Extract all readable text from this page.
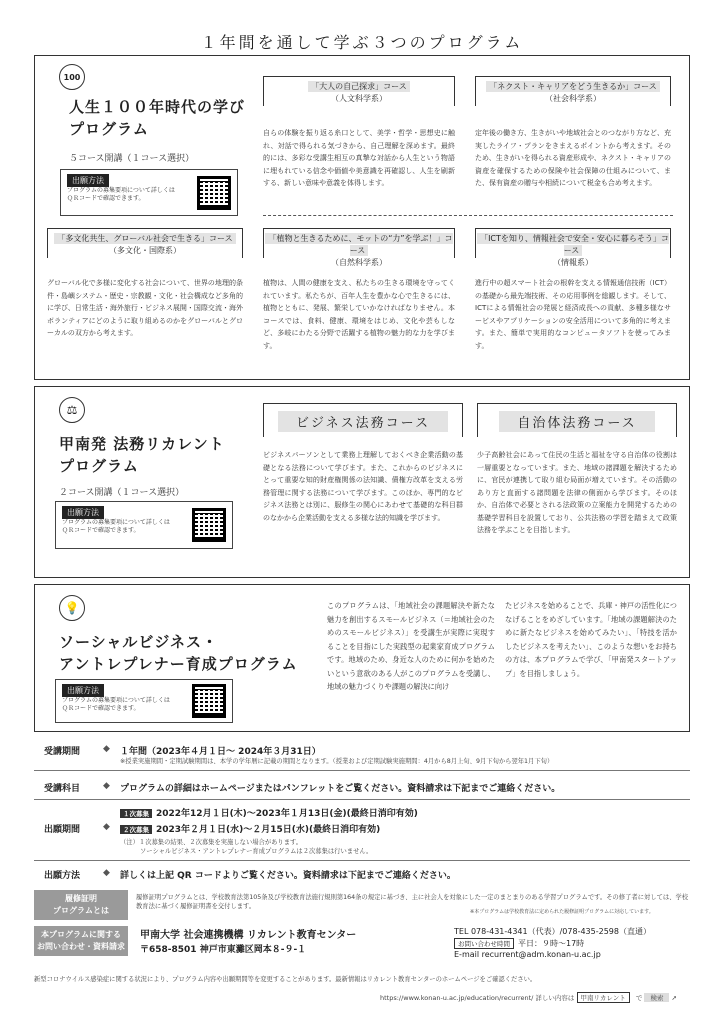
１年間を通して学ぶ３つのプログラム
100
人生１００年時代の学び
プログラム
５コース開講（１コース選択）
出願方法
プログラムの募集要項について詳しくはＱＲコードで確認できます。
「大人の自己探求」コース
（人文科学系）
自らの体験を振り返る糸口として、美学・哲学・思想史に触れ、対話で得られる気づきから、自己理解を深めます。最終的には、多彩な受講生相互の真摯な対話から人生という物語に埋もれている信念や価値や美意識を再確認し、人生を刷新する、新しい意味や意義を体得します。
「ネクスト・キャリアをどう生きるか」コース
（社会科学系）
定年後の働き方、生きがいや地域社会とのつながり方など、充実したライフ・プランをきまえるポイントから考えます。そのため、生きがいを得られる資産形成や、ネクスト・キャリアの資産を確保するための保険や社会保障の仕組みについて、また、保有資産の贈与や相続について税金も合め考えます。
「多文化共生、グローバル社会で生きる」コース
（多文化・国際系）
グローバル化で多様に変化する社会について、世界の地理的条件・島嶼システム・歴史・宗教観・文化・社会構成など多角的に学び、日常生活・海外旅行・ビジネス展開・国際交流・海外ボランティアにどのように取り組めるのかをグローバルとグローカルの双方から考えます。
「植物と生きるために、モットの“力”を学ぶ！」コース
（自然科学系）
植物は、人間の健康を支え、私たちの生きる環境を守ってくれています。私たちが、百年人生を豊かな心で生きるには、植物とともに、発展、繁栄していかなければなりません。本コースでは、食料、健康、環境をはじめ、文化や芸もしなど、多岐にわたる分野で活躍する植物の魅力的な力を学びます。
「ICTを知り、情報社会で安全・安心に暮らそう」コース
（情報系）
進行中の超スマート社会の根幹を支える情報通信技術（ICT）の基礎から最先端技術、その応用事例を総観します。そして、ICTによる情報社会の発展と経済成長への貢献、多種多様なサービスやアプリケーションの安全活用について多角的に考えます。また、簡単で実用的なコンピュータソフトを使ってみます。
⚖
甲南発 法務リカレント
プログラム
２コース開講（１コース選択）
出願方法
プログラムの募集要項について詳しくはＱＲコードで確認できます。
ビジネス法務コース
ビジネスパーソンとして業務上理解しておくべき企業活動の基礎となる法務について学びます。また、これからのビジネスにとって重要な知的財産権関係の法知識、債権方改革を支える労務管理に関する法務について学びます。このほか、専門的なビジネス法務とは別に、服修生の関心にあわせて基礎的な科目群のなかから企業活動を支える多様な法的知識を学びます。
自治体法務コース
少子高齢社会にあって住民の生活と福祉を守る自治体の役割は一層重要となっています。また、地域の諸課題を解決するために、官民が連携して取り組む局面が増えています。その活動のあり方と直面する諸問題を法律の側面から学びます。そのほか、自治体で必要とされる法政策の立案能力を開発するための基礎学習科目を設置しており、公共法務の学習を踏まえて政策法務を学ぶことを目指します。
💡
ソーシャルビジネス・
アントレプレナー育成プログラム
出願方法
プログラムの募集要項について詳しくはＱＲコードで確認できます。
このプログラムは、「地域社会の課題解決や新たな魅力を創出するスモールビジネス（＝地域社会のためのスモールビジネス）」を受講生が実際に実現することを目指にした実践型の起業家育成プログラムです。地域のため、身近な人のために何かを始めたいという意欲のある人がこのプログラムを受講し、地域の魅力づくりや課題の解決に向け
たビジネスを始めることで、兵庫・神戸の活性化につなげることをめざしています。「地域の課題解決のために新たなビジネスを始めてみたい」、「特技を活かしたビジネスを考えたい」、このような想いをお持ちの方は、本プログラムで学び、「甲南発スタートアップ」を目指しましょう。
受講期間	◆ １年間（2023年４月１日～ 2024年３月31日）
※授業実施期間・定期試験期間は、本学の学年暦に記載の期間となります。（授業および定期試験実施期間：4月から8月上旬、9月下旬から翌年1月下旬）
受講科目	◆ プログラムの詳細はホームページまたはパンフレットをご覧ください。資料請求は下記までご連絡ください。
出願期間	◆
１次募集 2022年12月１日(木)～2023年１月13日(金)(最終日消印有効)
２次募集 2023年２月１日(水)～２月15日(水)(最終日消印有効)
（注）１次募集の結果、２次募集を実施しない場合があります。
ソーシャルビジネス・アントレプレナー育成プログラムは２次募集は行いません。
出願方法	◆ 詳しくは上記 QR コードよりご覧ください。資料請求は下記までご連絡ください。
履修証明
プログラムとは
履修証明プログラムとは、学校教育法第105条及び学校教育法施行規則第164条の規定に基づき、主に社会人を対象にした一定のまとまりのある学習プログラムです。その修了者に対しては、学校教育法に基づく履修証明書を交付します。
※本プログラムは学校教育法に定められた履修証明プログラムに対応しています。
本プログラムに関する
お問い合わせ・資料請求
甲南大学 社会連携機構 リカレント教育センター
〒658-8501 神戸市東灘区岡本８-９-１
TEL 078-431-4341（代表）/078-435-2598（直通）
お問い合わせ時間 平日：９時～17時
E-mail recurrent@adm.konan-u.ac.jp
新型コロナウイルス感染症に関する状況により、プログラム内容や出願期間等を変更することがあります。最新情報はリカレント教育センターのホームページをご確認ください。
https://www.konan-u.ac.jp/education/recurrent/ 詳しい内容は 甲南リカレント で 検索 ➚
